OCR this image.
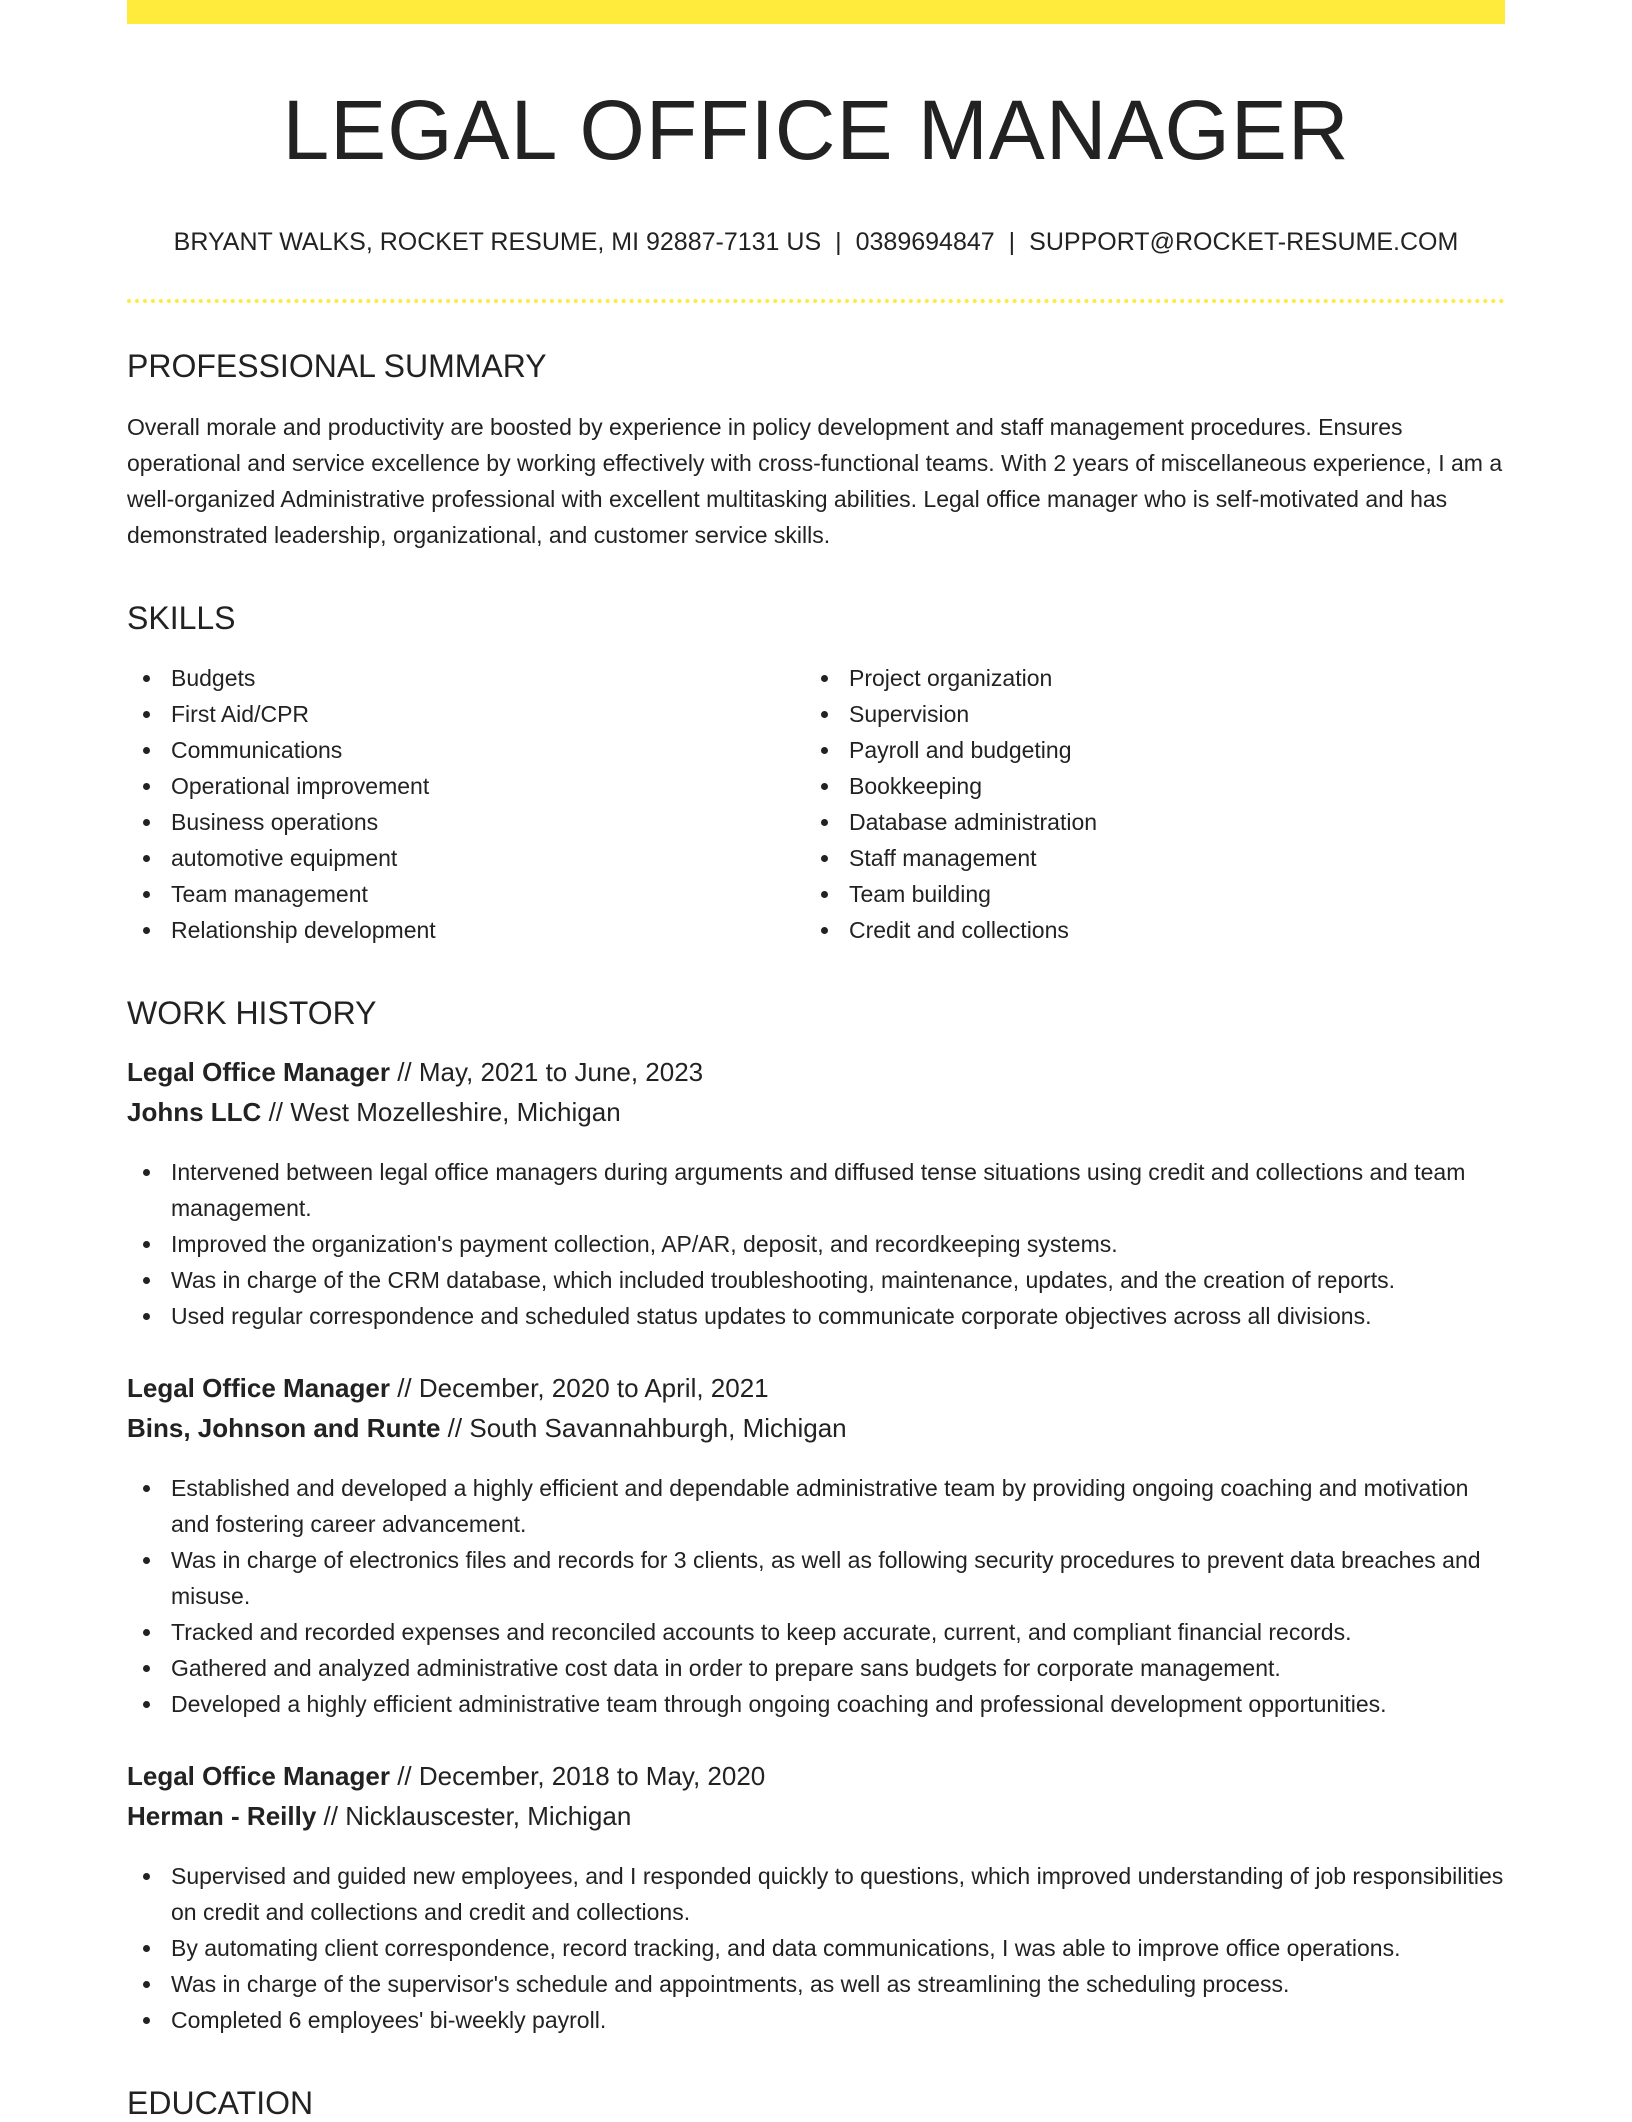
LEGAL OFFICE MANAGER
BRYANT WALKS, ROCKET RESUME, MI 92887-7131 US | 0389694847 | SUPPORT@ROCKET-RESUME.COM
PROFESSIONAL SUMMARY

Overall morale and productivity are boosted by experience in policy development and staff management procedures. Ensures operational and service excellence by working effectively with cross-functional teams. With 2 years of miscellaneous experience, I am a well-organized Administrative professional with excellent multitasking abilities. Legal office manager who is self-motivated and has demonstrated leadership, organizational, and customer service skills.

SKILLS
Budgets
First Aid/CPR
Communications
Operational improvement
Business operations
automotive equipment
Team management
Relationship development
Project organization
Supervision
Payroll and budgeting
Bookkeeping
Database administration
Staff management
Team building
Credit and collections
WORK HISTORY
Legal Office Manager // May, 2021 to June, 2023
Johns LLC // West Mozelleshire, Michigan
Intervened between legal office managers during arguments and diffused tense situations using credit and collections and team management.
Improved the organization's payment collection, AP/AR, deposit, and recordkeeping systems.
Was in charge of the CRM database, which included troubleshooting, maintenance, updates, and the creation of reports.
Used regular correspondence and scheduled status updates to communicate corporate objectives across all divisions.
Legal Office Manager // December, 2020 to April, 2021
Bins, Johnson and Runte // South Savannahburgh, Michigan
Established and developed a highly efficient and dependable administrative team by providing ongoing coaching and motivation and fostering career advancement.
Was in charge of electronics files and records for 3 clients, as well as following security procedures to prevent data breaches and misuse.
Tracked and recorded expenses and reconciled accounts to keep accurate, current, and compliant financial records.
Gathered and analyzed administrative cost data in order to prepare sans budgets for corporate management.
Developed a highly efficient administrative team through ongoing coaching and professional development opportunities.
Legal Office Manager // December, 2018 to May, 2020
Herman - Reilly // Nicklauscester, Michigan
Supervised and guided new employees, and I responded quickly to questions, which improved understanding of job responsibilities on credit and collections and credit and collections.
By automating client correspondence, record tracking, and data communications, I was able to improve office operations.
Was in charge of the supervisor's schedule and appointments, as well as streamlining the scheduling process.
Completed 6 employees' bi-weekly payroll.
EDUCATION
